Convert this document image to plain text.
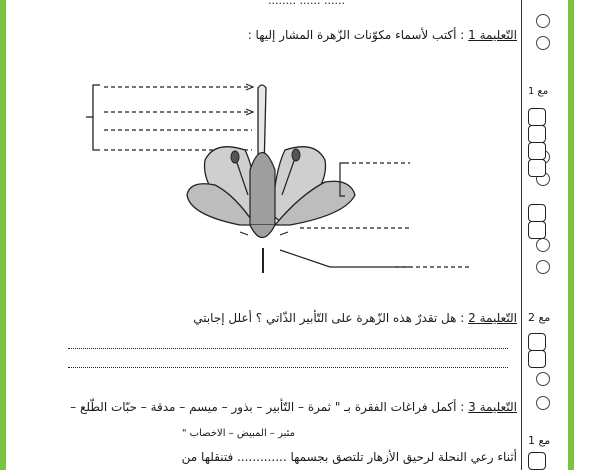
...... ...... ........
التّعليمة 1 : أكتب لأسماء مكوّنات الزّهرة المشار إليها :
مع 1
التّعليمة 2 : هل تقدرٌ هذه الزّهرة على التّأبير الذّاتي ؟ أعلل إجابتي	مع 2
التّعليمة 3 : أكمل فراغات الفقرة بـ " ثمرة – التّأبير – بذور – ميسم – مدقة – حبّات الطّلع –
مئبر – المبيض – الاخصاب "
مع 1
أثناء رعي النحلة لرحيق الأزهار تلتصق بجسمها ............. فتنقلها من
